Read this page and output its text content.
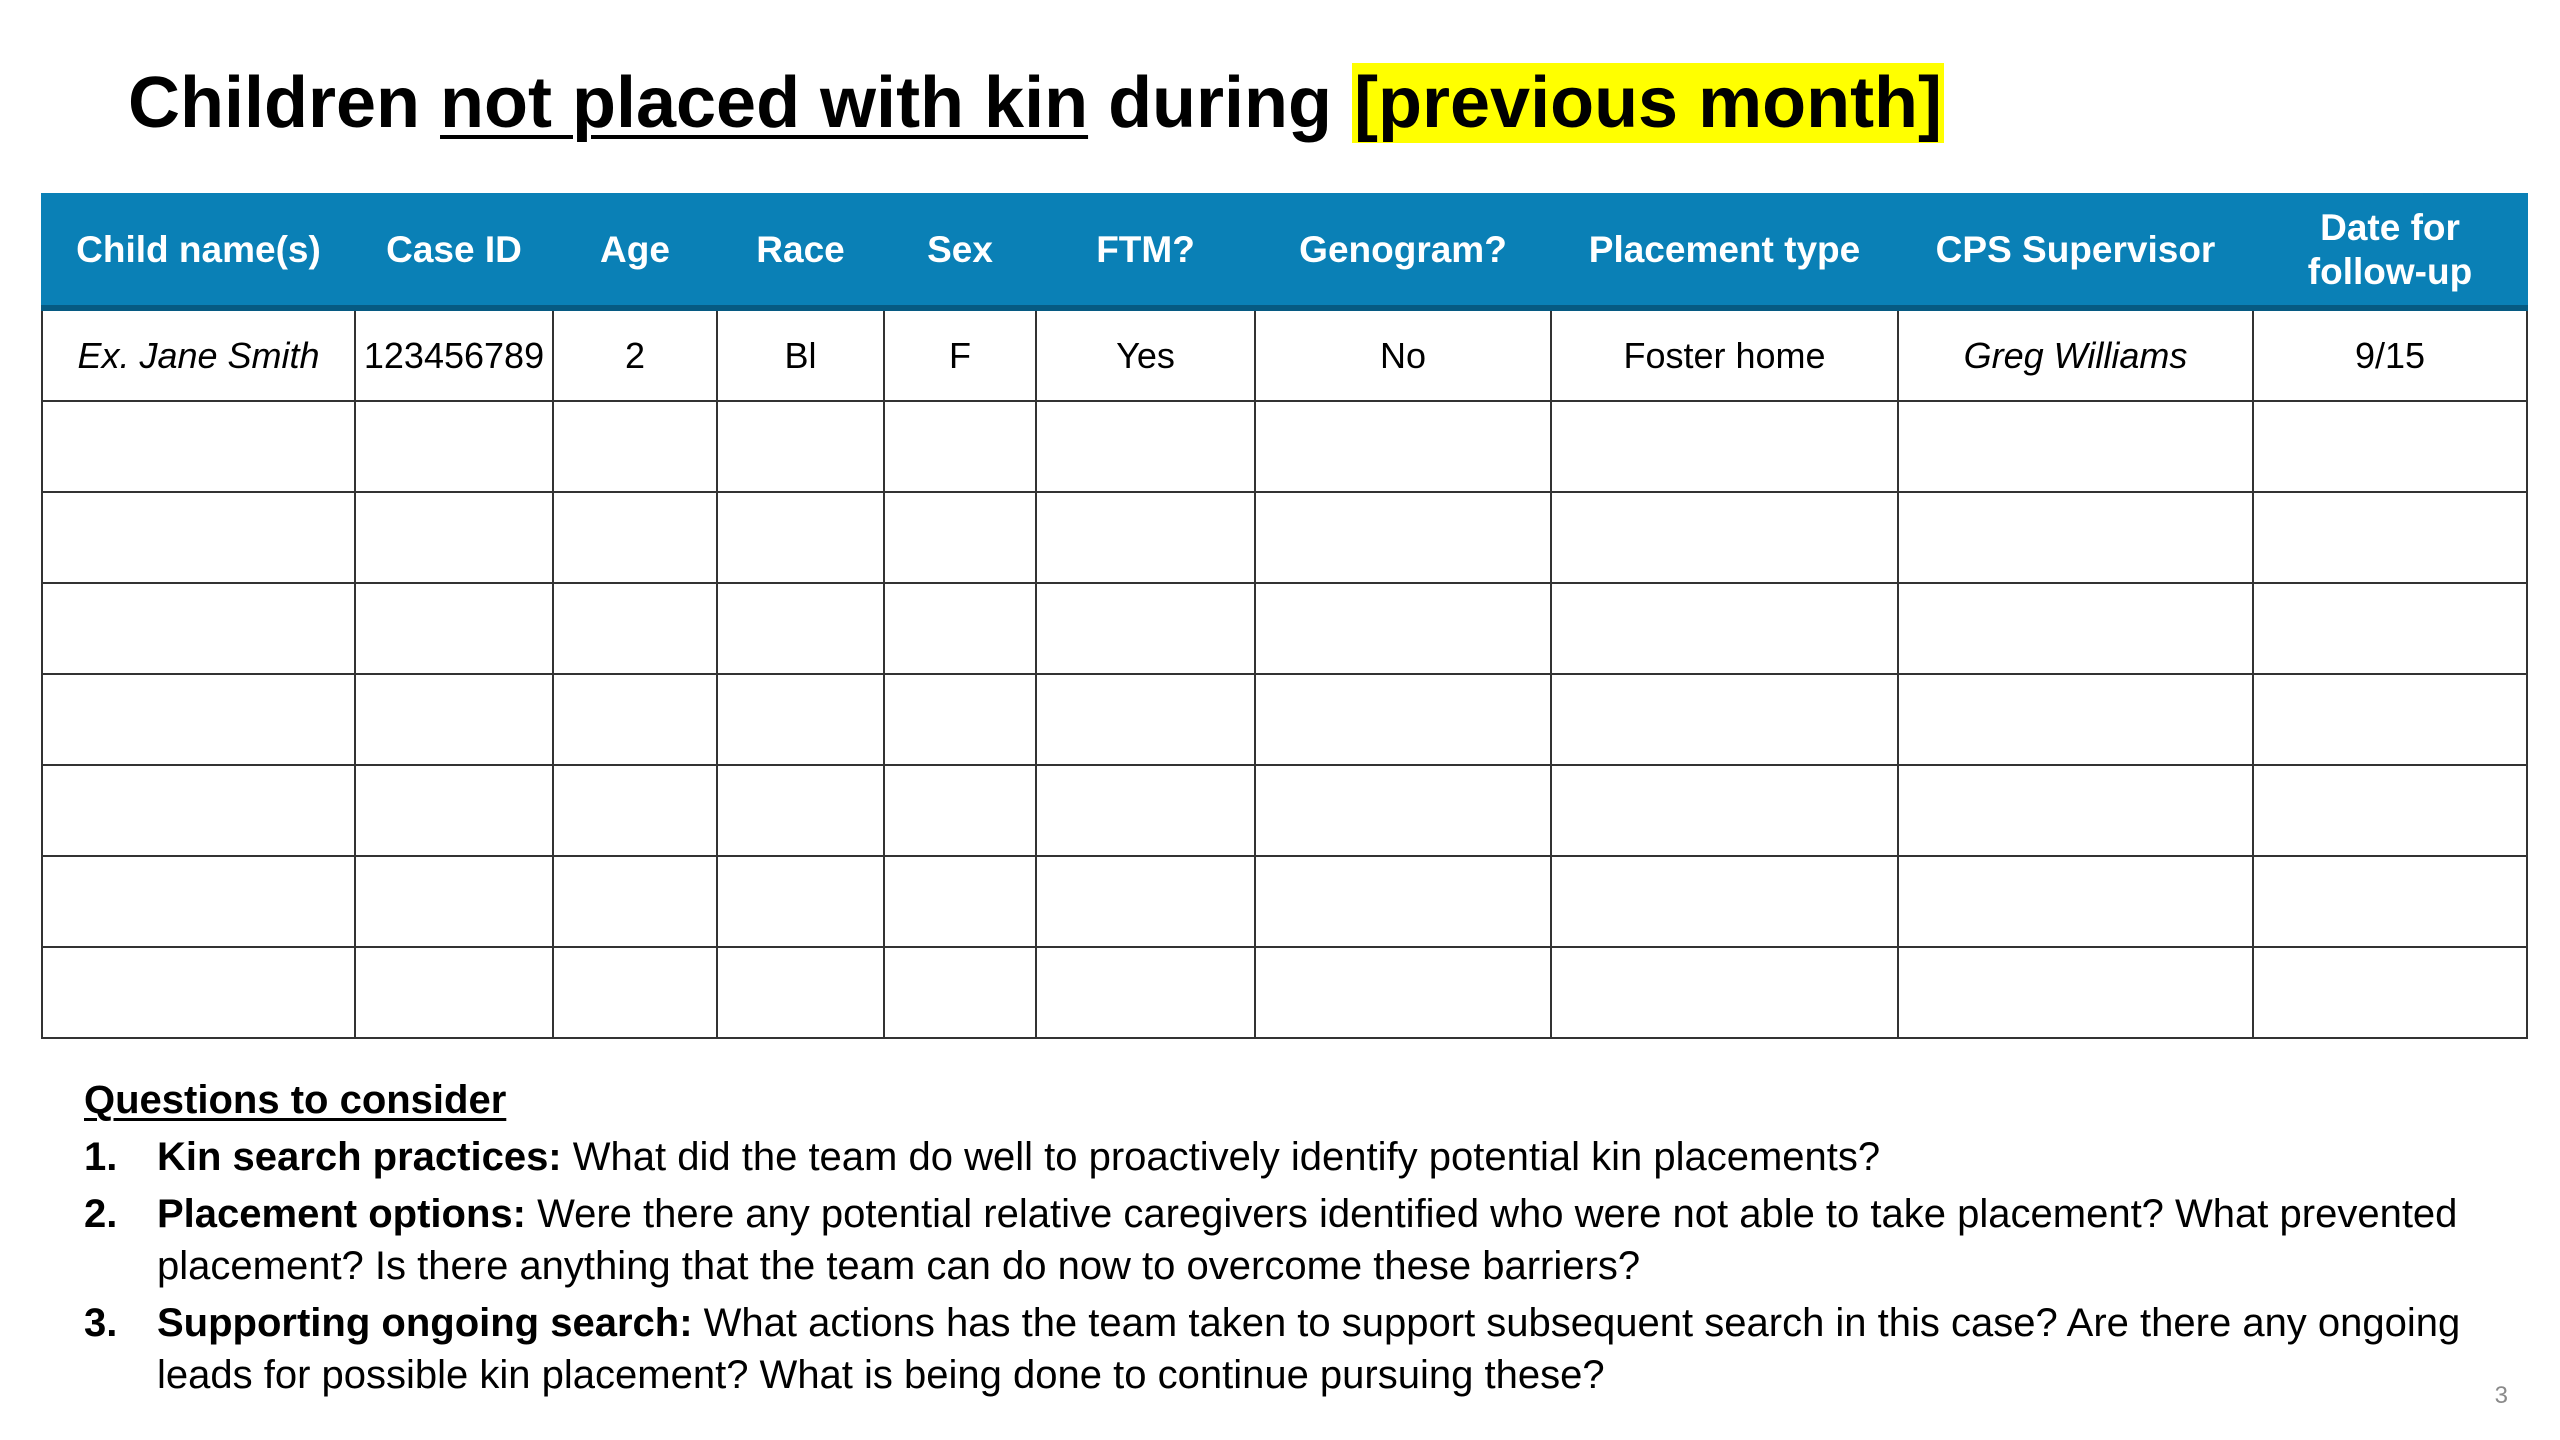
Children not placed with kin during [previous month]
Child name(s)	Case ID	Age	Race	Sex	FTM?	Genogram?	Placement type	CPS Supervisor	Date for
follow-up
Ex. Jane Smith	123456789	2	Bl	F	Yes	No	Foster home	Greg Williams	9/15

Questions to consider
1. Kin search practices: What did the team do well to proactively identify potential kin placements?
2. Placement options: Were there any potential relative caregivers identified who were not able to take placement? What prevented placement? Is there anything that the team can do now to overcome these barriers?
3. Supporting ongoing search: What actions has the team taken to support subsequent search in this case? Are there any ongoing leads for possible kin placement? What is being done to continue pursuing these?	3
